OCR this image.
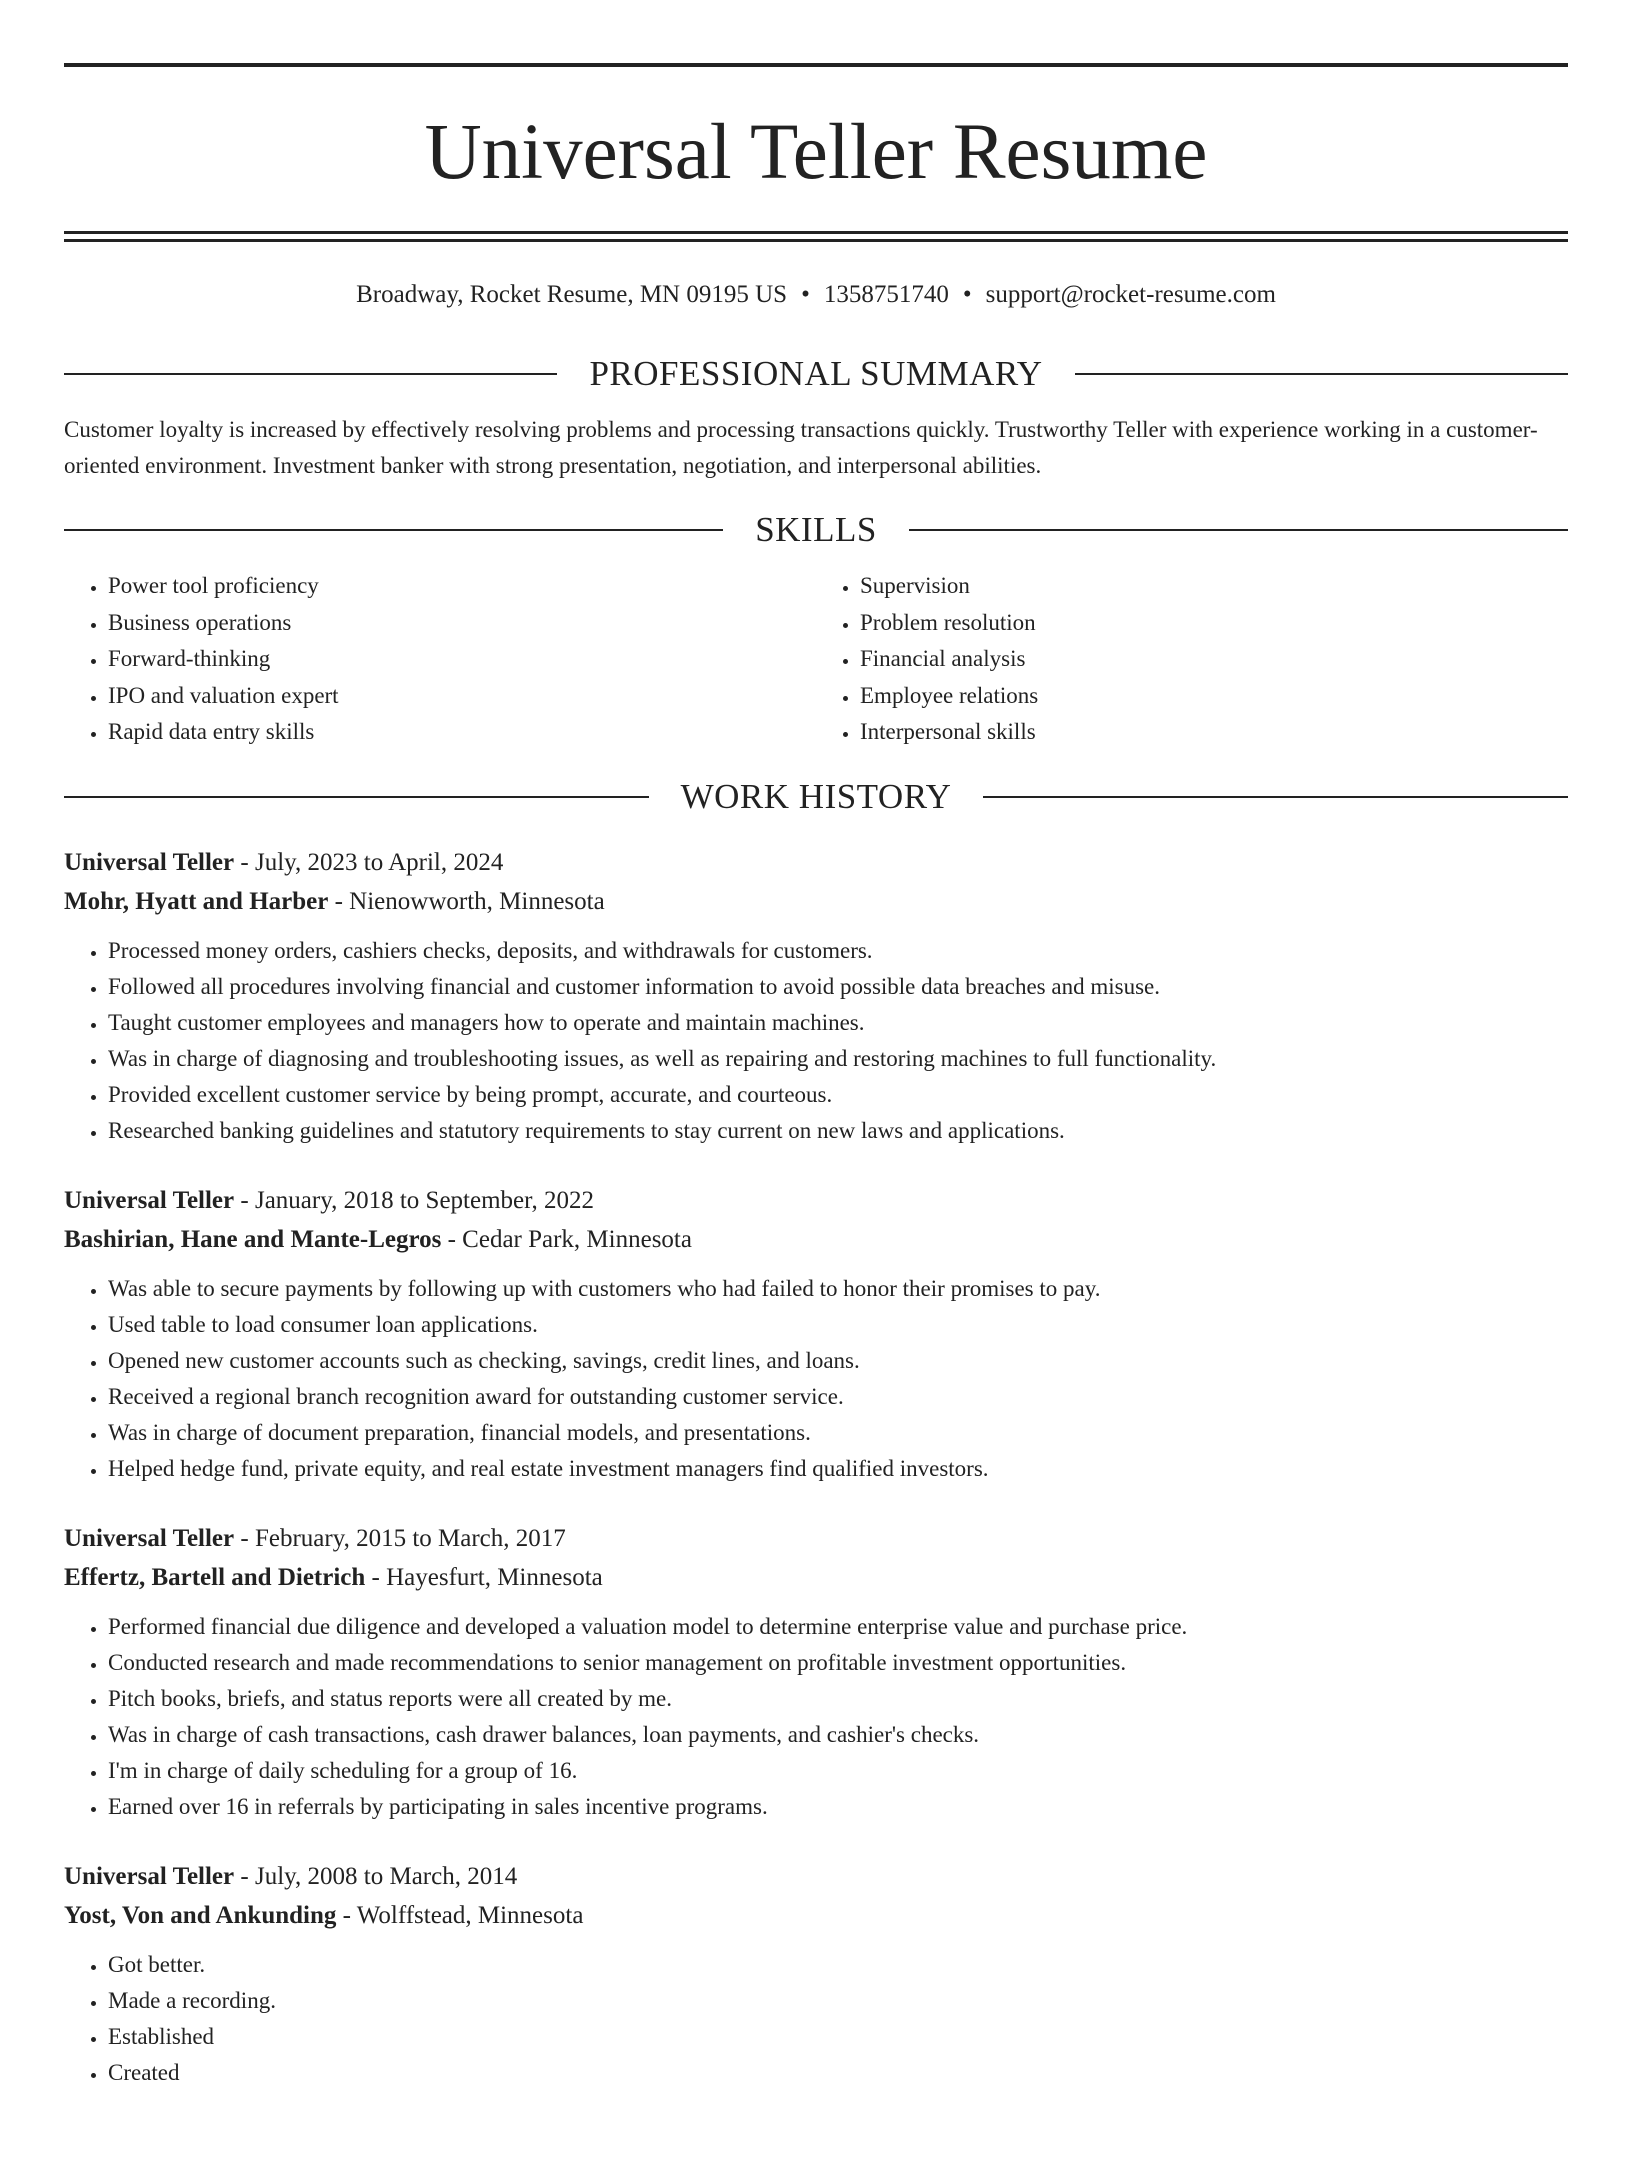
Universal Teller Resume
Broadway, Rocket Resume, MN 09195 US • 1358751740 • support@rocket-resume.com
PROFESSIONAL SUMMARY
Customer loyalty is increased by effectively resolving problems and processing transactions quickly. Trustworthy Teller with experience working in a customer-oriented environment. Investment banker with strong presentation, negotiation, and interpersonal abilities.
SKILLS
• Power tool proficiency
• Business operations
• Forward-thinking
• IPO and valuation expert
• Rapid data entry skills
• Supervision
• Problem resolution
• Financial analysis
• Employee relations
• Interpersonal skills
WORK HISTORY
Universal Teller - July, 2023 to April, 2024
Mohr, Hyatt and Harber - Nienowworth, Minnesota
• Processed money orders, cashiers checks, deposits, and withdrawals for customers.
• Followed all procedures involving financial and customer information to avoid possible data breaches and misuse.
• Taught customer employees and managers how to operate and maintain machines.
• Was in charge of diagnosing and troubleshooting issues, as well as repairing and restoring machines to full functionality.
• Provided excellent customer service by being prompt, accurate, and courteous.
• Researched banking guidelines and statutory requirements to stay current on new laws and applications.
Universal Teller - January, 2018 to September, 2022
Bashirian, Hane and Mante-Legros - Cedar Park, Minnesota
• Was able to secure payments by following up with customers who had failed to honor their promises to pay.
• Used table to load consumer loan applications.
• Opened new customer accounts such as checking, savings, credit lines, and loans.
• Received a regional branch recognition award for outstanding customer service.
• Was in charge of document preparation, financial models, and presentations.
• Helped hedge fund, private equity, and real estate investment managers find qualified investors.
Universal Teller - February, 2015 to March, 2017
Effertz, Bartell and Dietrich - Hayesfurt, Minnesota
• Performed financial due diligence and developed a valuation model to determine enterprise value and purchase price.
• Conducted research and made recommendations to senior management on profitable investment opportunities.
• Pitch books, briefs, and status reports were all created by me.
• Was in charge of cash transactions, cash drawer balances, loan payments, and cashier's checks.
• I'm in charge of daily scheduling for a group of 16.
• Earned over 16 in referrals by participating in sales incentive programs.
Universal Teller - July, 2008 to March, 2014
Yost, Von and Ankunding - Wolffstead, Minnesota
• Got better.
• Made a recording.
• Established
• Created
